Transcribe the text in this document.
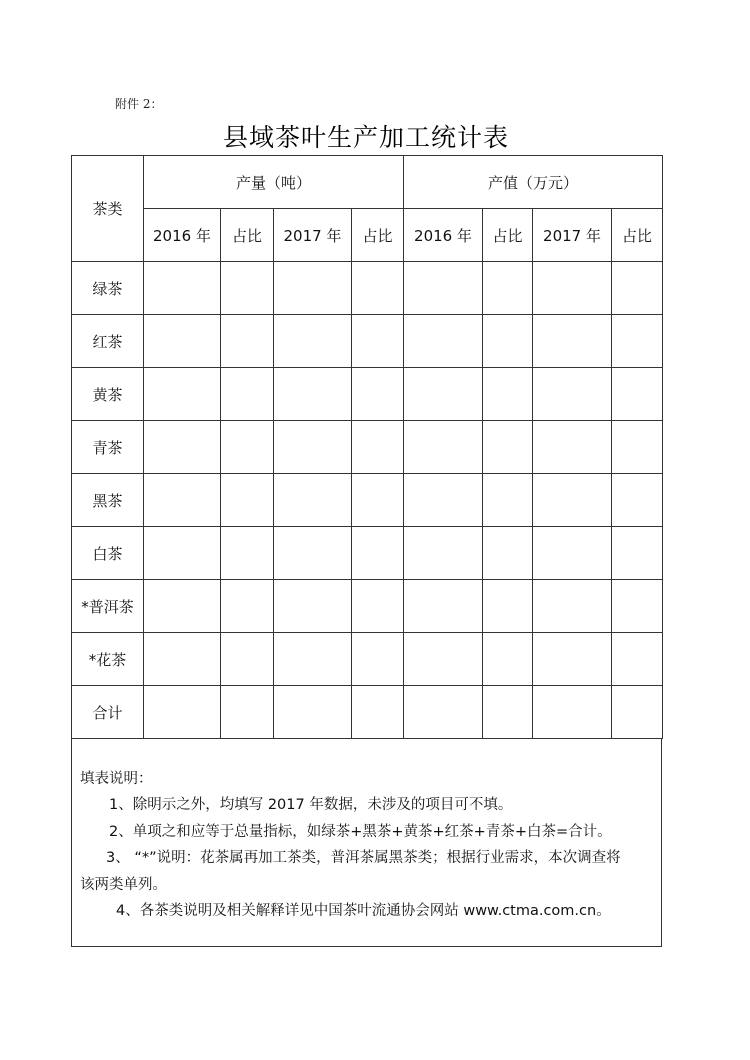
附件 2：
县域茶叶生产加工统计表
茶类	产量（吨）				产值（万元）			
	2016 年	占比	2017 年	占比	2016 年	占比	2017 年	占比
绿茶								
红茶								
黄茶								
青茶								
黑茶								
白茶								
*普洱茶								
*花茶								
合计								
填表说明：
1、除明示之外，均填写 2017 年数据，未涉及的项目可不填。
2、单项之和应等于总量指标，如绿茶+黑茶+黄茶+红茶+青茶+白茶=合计。
3、 “*”说明：花茶属再加工茶类，普洱茶属黑茶类；根据行业需求，本次调查将
该两类单列。
4、各茶类说明及相关解释详见中国茶叶流通协会网站 www.ctma.com.cn。
